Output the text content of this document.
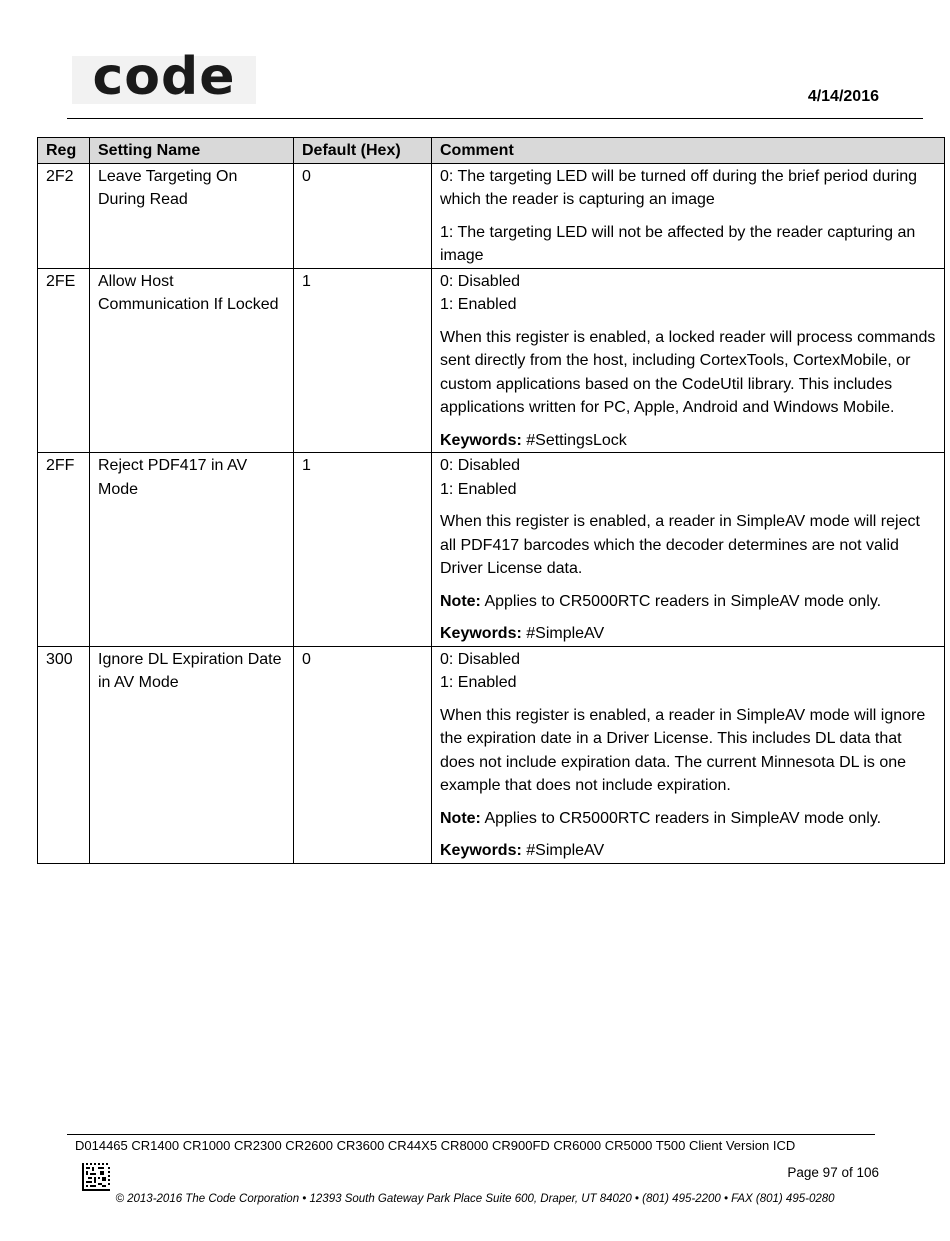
code	4/14/2016
Reg	Setting Name	Default (Hex)	Comment
2F2	Leave Targeting On During Read	0	0: The targeting LED will be turned off during the brief period during which the reader is capturing an image

1: The targeting LED will not be affected by the reader capturing an image

2FE	Allow Host Communication If Locked	1	0: Disabled
1: Enabled

When this register is enabled, a locked reader will process commands sent directly from the host, including CortexTools, CortexMobile, or custom applications based on the CodeUtil library. This includes applications written for PC, Apple, Android and Windows Mobile.

Keywords: #SettingsLock

2FF	Reject PDF417 in AV Mode	1	0: Disabled
1: Enabled

When this register is enabled, a reader in SimpleAV mode will reject all PDF417 barcodes which the decoder determines are not valid Driver License data.

Note: Applies to CR5000RTC readers in SimpleAV mode only.

Keywords: #SimpleAV

300	Ignore DL Expiration Date in AV Mode	0	0: Disabled
1: Enabled

When this register is enabled, a reader in SimpleAV mode will ignore the expiration date in a Driver License. This includes DL data that does not include expiration data. The current Minnesota DL is one example that does not include expiration.

Note: Applies to CR5000RTC readers in SimpleAV mode only.

Keywords: #SimpleAV

D014465 CR1400 CR1000 CR2300 CR2600 CR3600 CR44X5 CR8000 CR900FD CR6000 CR5000 T500 Client Version ICD
Page 97 of 106
© 2013-2016 The Code Corporation • 12393 South Gateway Park Place Suite 600, Draper, UT 84020 • (801) 495-2200 • FAX (801) 495-0280
